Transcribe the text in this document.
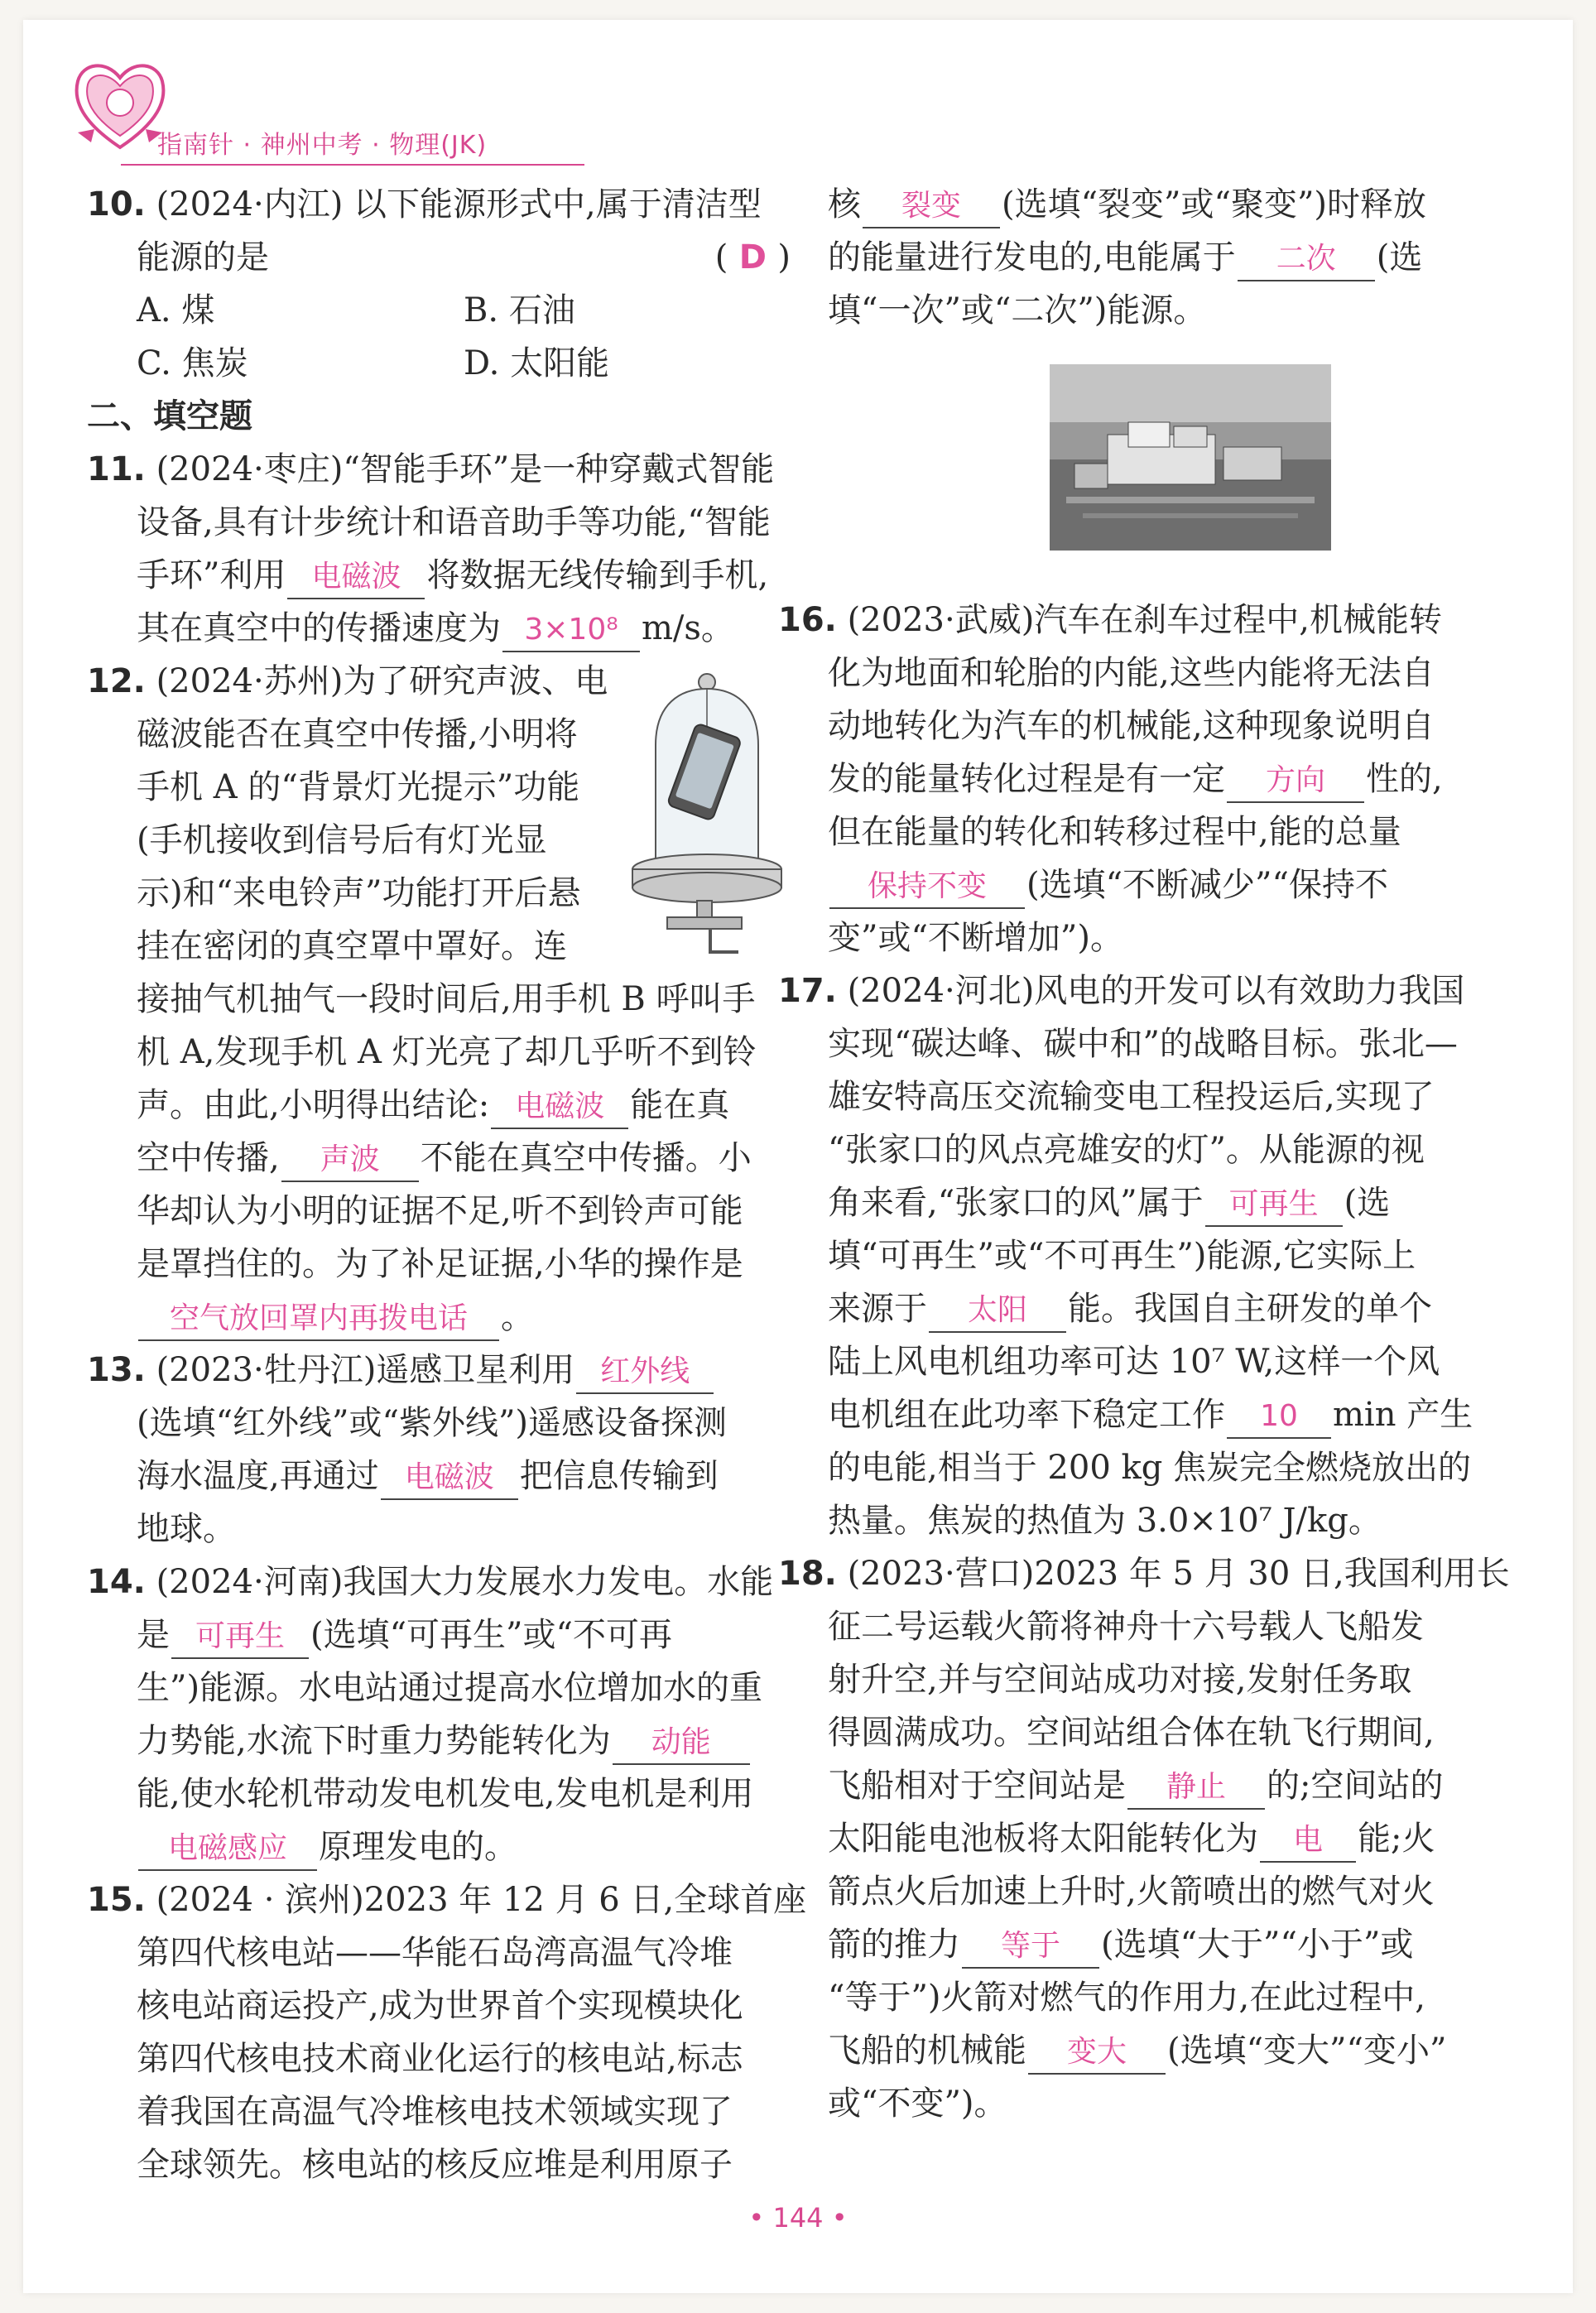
指南针 · 神州中考 · 物理(JK)
10. (2024·内江) 以下能源形式中,属于清洁型
能源的是	( D )
A. 煤	B. 石油
C. 焦炭	D. 太阳能
二、填空题
11. (2024·枣庄)“智能手环”是一种穿戴式智能
设备,具有计步统计和语音助手等功能,“智能
手环”利用 电磁波 将数据无线传输到手机,
其在真空中的传播速度为 3×10⁸ m/s。
12. (2024·苏州)为了研究声波、电
磁波能否在真空中传播,小明将
手机 A 的“背景灯光提示”功能
(手机接收到信号后有灯光显
示)和“来电铃声”功能打开后悬
挂在密闭的真空罩中罩好。连
接抽气机抽气一段时间后,用手机 B 呼叫手
机 A,发现手机 A 灯光亮了却几乎听不到铃
声。由此,小明得出结论: 电磁波 能在真
空中传播, 声波 不能在真空中传播。小
华却认为小明的证据不足,听不到铃声可能
是罩挡住的。为了补足证据,小华的操作是
空气放回罩内再拨电话 。
13. (2023·牡丹江)遥感卫星利用 红外线
(选填“红外线”或“紫外线”)遥感设备探测
海水温度,再通过 电磁波 把信息传输到
地球。
14. (2024·河南)我国大力发展水力发电。水能
是 可再生 (选填“可再生”或“不可再
生”)能源。水电站通过提高水位增加水的重
力势能,水流下时重力势能转化为 动能
能,使水轮机带动发电机发电,发电机是利用
电磁感应 原理发电的。
15. (2024 · 滨州)2023 年 12 月 6 日,全球首座
第四代核电站——华能石岛湾高温气冷堆
核电站商运投产,成为世界首个实现模块化
第四代核电技术商业化运行的核电站,标志
着我国在高温气冷堆核电技术领域实现了
全球领先。核电站的核反应堆是利用原子
核 裂变 (选填“裂变”或“聚变”)时释放
的能量进行发电的,电能属于 二次 (选
填“一次”或“二次”)能源。
16. (2023·武威)汽车在刹车过程中,机械能转
化为地面和轮胎的内能,这些内能将无法自
动地转化为汽车的机械能,这种现象说明自
发的能量转化过程是有一定 方向 性的,
但在能量的转化和转移过程中,能的总量
保持不变 (选填“不断减少”“保持不
变”或“不断增加”)。
17. (2024·河北)风电的开发可以有效助力我国
实现“碳达峰、碳中和”的战略目标。张北—
雄安特高压交流输变电工程投运后,实现了
“张家口的风点亮雄安的灯”。从能源的视
角来看,“张家口的风”属于 可再生 (选
填“可再生”或“不可再生”)能源,它实际上
来源于 太阳 能。我国自主研发的单个
陆上风电机组功率可达 10⁷ W,这样一个风
电机组在此功率下稳定工作 10 min 产生
的电能,相当于 200 kg 焦炭完全燃烧放出的
热量。焦炭的热值为 3.0×10⁷ J/kg。
18. (2023·营口)2023 年 5 月 30 日,我国利用长
征二号运载火箭将神舟十六号载人飞船发
射升空,并与空间站成功对接,发射任务取
得圆满成功。空间站组合体在轨飞行期间,
飞船相对于空间站是 静止 的;空间站的
太阳能电池板将太阳能转化为 电 能;火
箭点火后加速上升时,火箭喷出的燃气对火
箭的推力 等于 (选填“大于”“小于”或
“等于”)火箭对燃气的作用力,在此过程中,
飞船的机械能 变大 (选填“变大”“变小”
或“不变”)。
• 144 •
